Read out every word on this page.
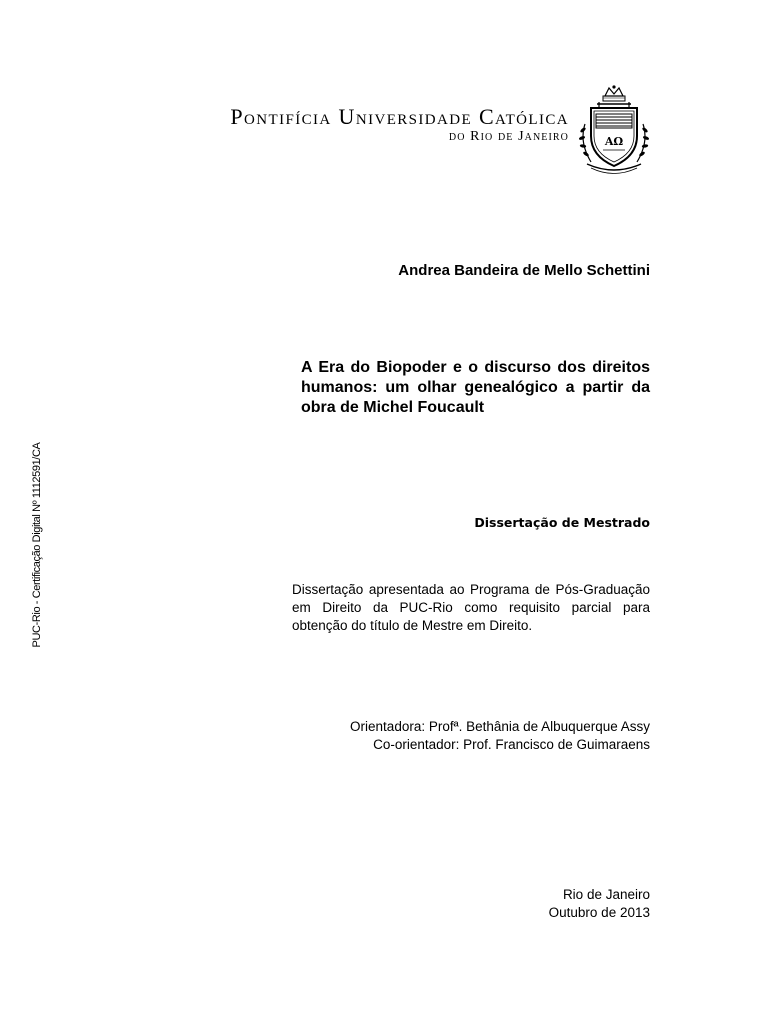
PUC-Rio - Certificação Digital Nº 1112591/CA
Pontifícia Universidade Católica
do Rio de Janeiro	ΑΩ
Andrea Bandeira de Mello Schettini
A Era do Biopoder e o discurso dos direitos humanos: um olhar genealógico a partir da obra de Michel Foucault
Dissertação de Mestrado
Dissertação apresentada ao Programa de Pós-Graduação em Direito da PUC-Rio como requisito parcial para obtenção do título de Mestre em Direito.
Orientadora: Profª. Bethânia de Albuquerque Assy
Co-orientador: Prof. Francisco de Guimaraens
Rio de Janeiro
Outubro de 2013
